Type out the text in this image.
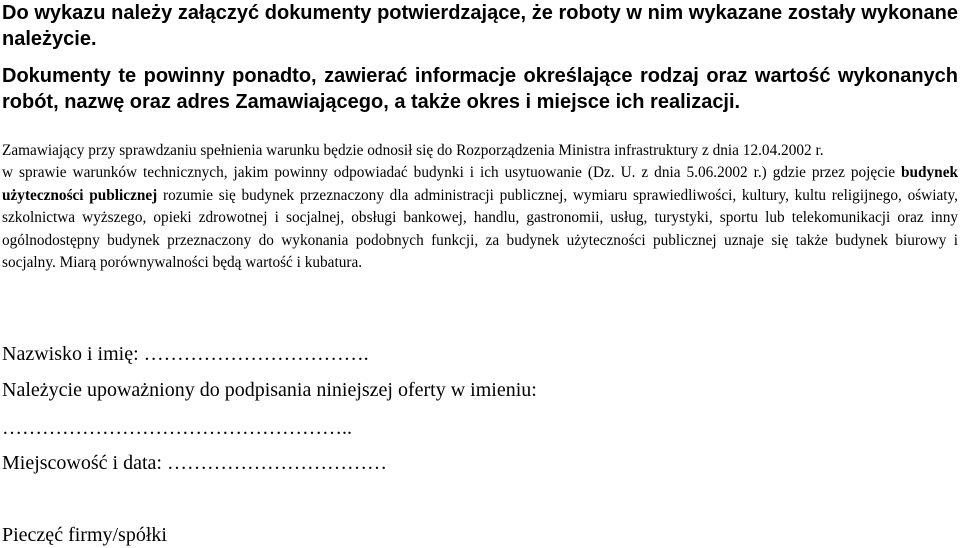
Do wykazu należy załączyć dokumenty potwierdzające, że roboty w nim wykazane zostały wykonane należycie.

Dokumenty te powinny ponadto, zawierać informacje określające rodzaj oraz wartość wykonanych robót, nazwę oraz adres Zamawiającego, a także okres i miejsce ich realizacji.

Zamawiający przy sprawdzaniu spełnienia warunku będzie odnosił się do Rozporządzenia Ministra infrastruktury z dnia 12.04.2002 r.

w sprawie warunków technicznych, jakim powinny odpowiadać budynki i ich usytuowanie (Dz. U. z dnia 5.06.2002 r.) gdzie przez pojęcie budynek użyteczności publicznej rozumie się budynek przeznaczony dla administracji publicznej, wymiaru sprawiedliwości, kultury, kultu religijnego, oświaty, szkolnictwa wyższego, opieki zdrowotnej i socjalnej, obsługi bankowej, handlu, gastronomii, usług, turystyki, sportu lub telekomunikacji oraz inny ogólnodostępny budynek przeznaczony do wykonania podobnych funkcji, za budynek użyteczności publicznej uznaje się także budynek biurowy i socjalny. Miarą porównywalności będą wartość i kubatura.

Nazwisko i imię: …………………………….

Należycie upoważniony do podpisania niniejszej oferty w imieniu:

……………………………………………..

Miejscowość i data: ……………………………

Pieczęć firmy/spółki
